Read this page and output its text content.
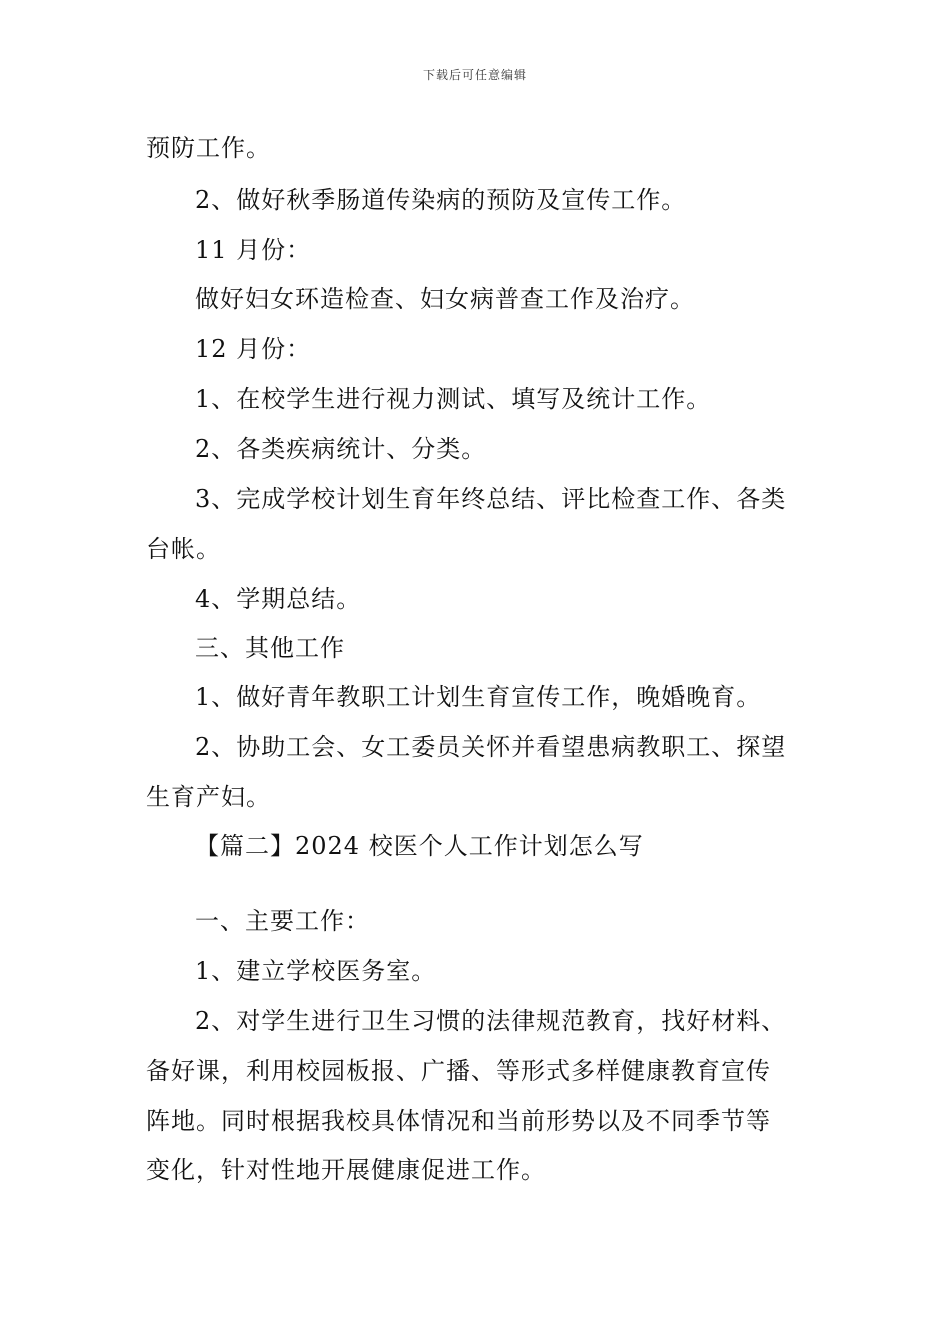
下载后可任意编辑
预防工作。
2、做好秋季肠道传染病的预防及宣传工作。
11 月份：
做好妇女环造检查、妇女病普查工作及治疗。
12 月份：
1、在校学生进行视力测试、填写及统计工作。
2、各类疾病统计、分类。
3、完成学校计划生育年终总结、评比检查工作、各类
台帐。
4、学期总结。
三、其他工作
1、做好青年教职工计划生育宣传工作，晚婚晚育。
2、协助工会、女工委员关怀并看望患病教职工、探望
生育产妇。
【篇二】2024 校医个人工作计划怎么写
一、主要工作：
1、建立学校医务室。
2、对学生进行卫生习惯的法律规范教育，找好材料、
备好课，利用校园板报、广播、等形式多样健康教育宣传
阵地。同时根据我校具体情况和当前形势以及不同季节等
变化，针对性地开展健康促进工作。
